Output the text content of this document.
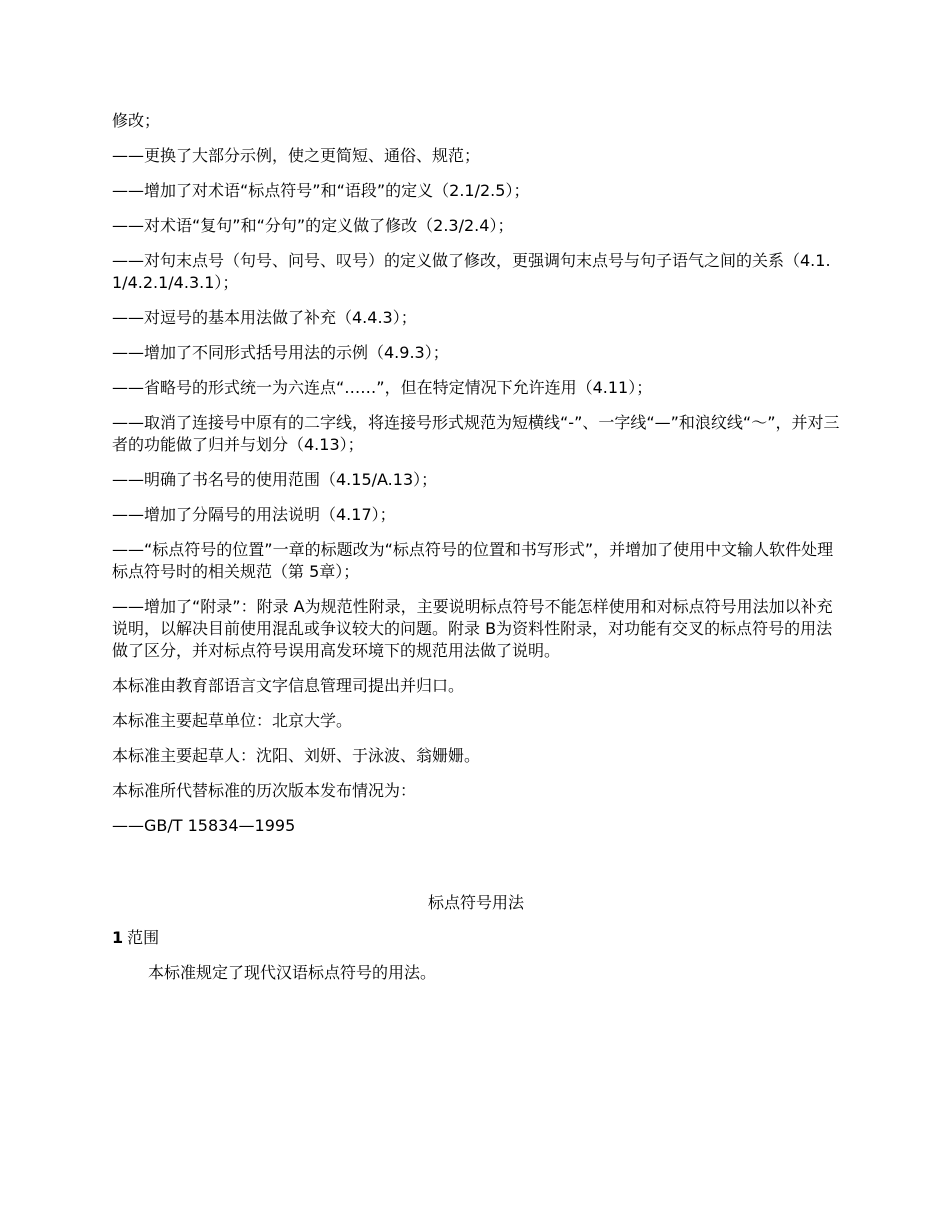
修改；

——更换了大部分示例，使之更简短、通俗、规范；

——增加了对术语“标点符号”和“语段”的定义（2.1/2.5）；

——对术语“复句”和“分句”的定义做了修改（2.3/2.4）；

——对句末点号（句号、问号、叹号）的定义做了修改，更强调句末点号与句子语气之间的关系（4.1.1/4.2.1/4.3.1）；

——对逗号的基本用法做了补充（4.4.3）；

——增加了不同形式括号用法的示例（4.9.3）；

——省略号的形式统一为六连点“……”，但在特定情况下允许连用（4.11）；

——取消了连接号中原有的二字线，将连接号形式规范为短横线“-”、一字线“—”和浪纹线“～”，并对三者的功能做了归并与划分（4.13）；

——明确了书名号的使用范围（4.15/A.13）；

——增加了分隔号的用法说明（4.17）；

——“标点符号的位置”一章的标题改为“标点符号的位置和书写形式”，并增加了使用中文输人软件处理标点符号时的相关规范（第 5章）；

——增加了“附录”：附录 A为规范性附录，主要说明标点符号不能怎样使用和对标点符号用法加以补充说明，以解决目前使用混乱或争议较大的问题。附录 B为资料性附录，对功能有交叉的标点符号的用法做了区分，并对标点符号误用高发环境下的规范用法做了说明。

本标准由教育部语言文字信息管理司提出并归口。

本标准主要起草单位：北京大学。

本标准主要起草人：沈阳、刘妍、于泳波、翁姗姗。

本标准所代替标准的历次版本发布情况为：

——GB/T 15834—1995

标点符号用法
1 范围

本标准规定了现代汉语标点符号的用法。
